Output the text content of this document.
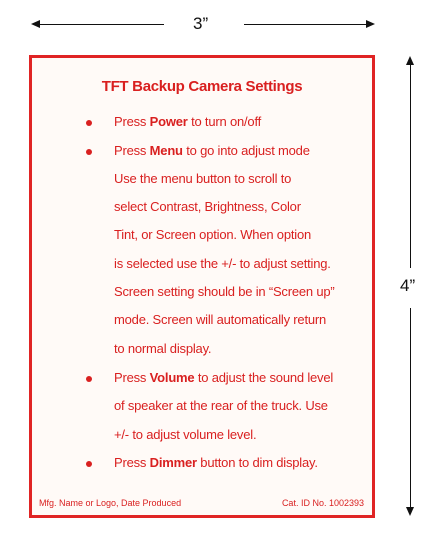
3”
4”
TFT Backup Camera Settings
Press Power to turn on/off
Press Menu to go into adjust mode
Use the menu button to scroll to
select Contrast, Brightness, Color
Tint, or Screen option. When option
is selected use the +/- to adjust setting.
Screen setting should be in “Screen up”
mode. Screen will automatically return
to normal display.
Press Volume to adjust the sound level
of speaker at the rear of the truck. Use
+/- to adjust volume level.
Press Dimmer button to dim display.
Mfg. Name or Logo, Date Produced	Cat. ID No. 1002393
